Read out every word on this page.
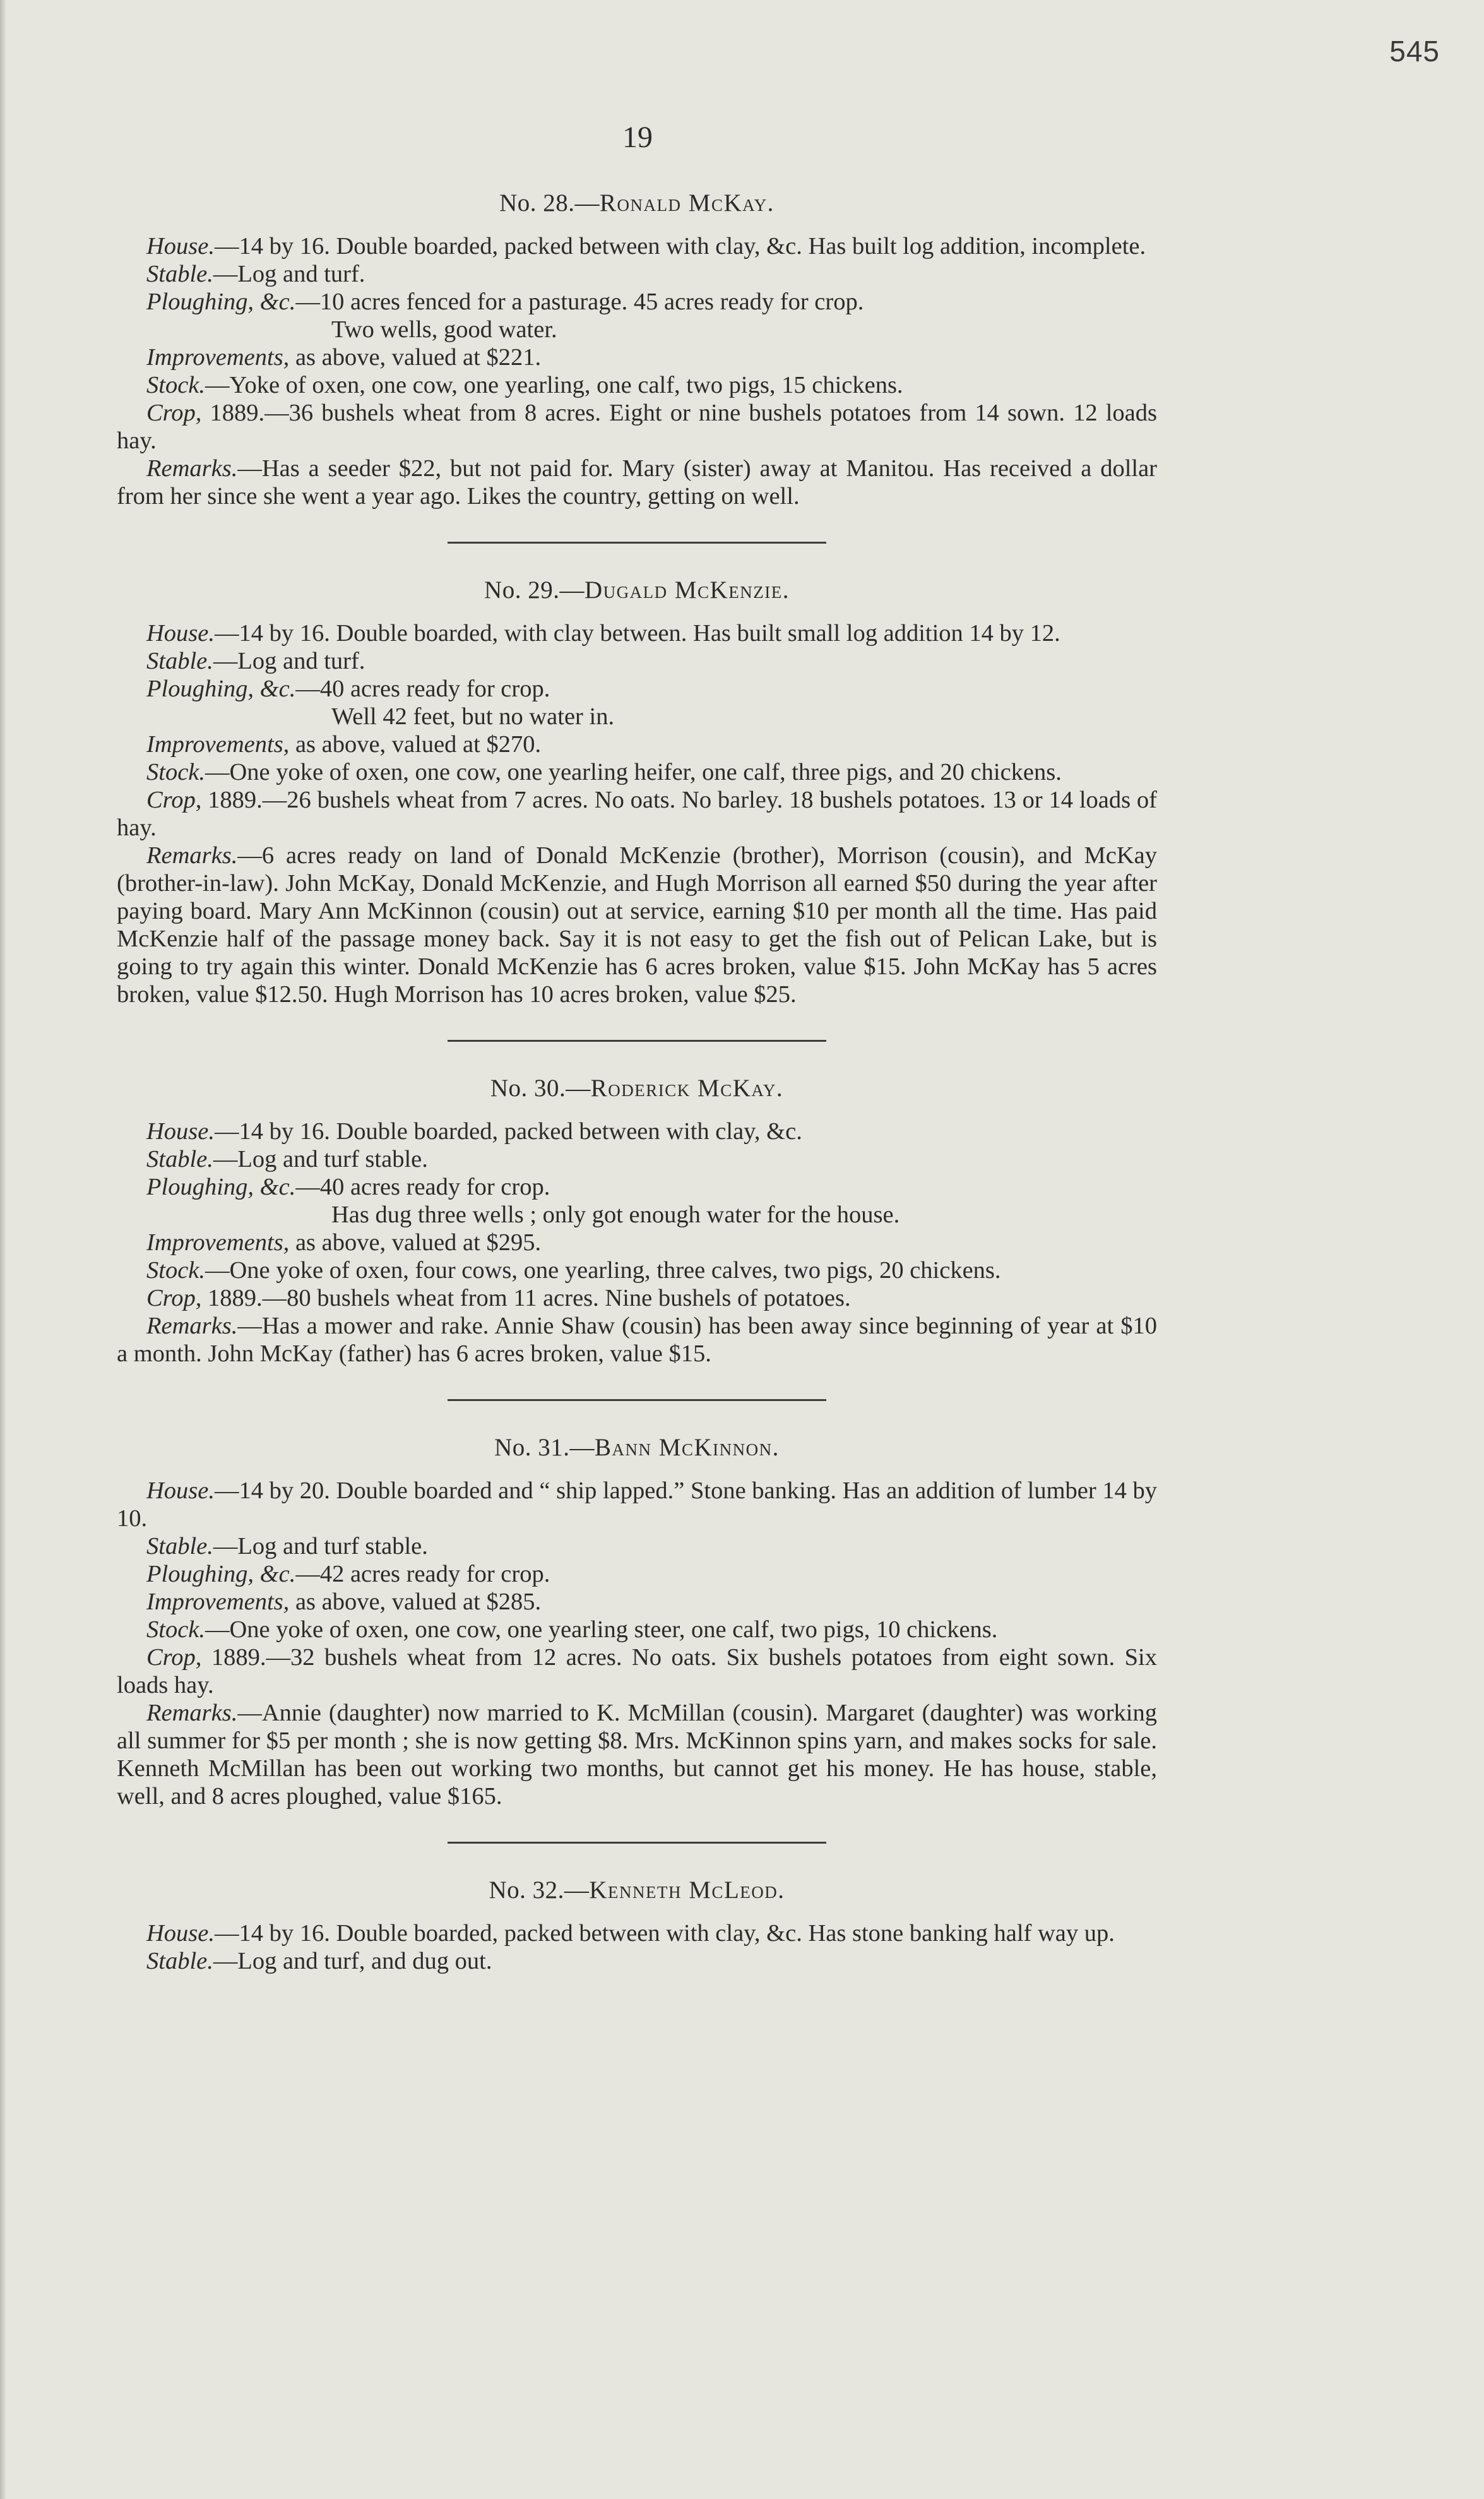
545
19
No. 28.—Ronald McKay.

House.—14 by 16. Double boarded, packed between with clay, &c. Has built log addition, incomplete.

Stable.—Log and turf.

Ploughing, &c.—10 acres fenced for a pasturage. 45 acres ready for crop.

Two wells, good water.

Improvements, as above, valued at $221.

Stock.—Yoke of oxen, one cow, one yearling, one calf, two pigs, 15 chickens.

Crop, 1889.—36 bushels wheat from 8 acres. Eight or nine bushels potatoes from 14 sown. 12 loads hay.

Remarks.—Has a seeder $22, but not paid for. Mary (sister) away at Manitou. Has received a dollar from her since she went a year ago. Likes the country, getting on well.

No. 29.—Dugald McKenzie.

House.—14 by 16. Double boarded, with clay between. Has built small log addition 14 by 12.

Stable.—Log and turf.

Ploughing, &c.—40 acres ready for crop.

Well 42 feet, but no water in.

Improvements, as above, valued at $270.

Stock.—One yoke of oxen, one cow, one yearling heifer, one calf, three pigs, and 20 chickens.

Crop, 1889.—26 bushels wheat from 7 acres. No oats. No barley. 18 bushels potatoes. 13 or 14 loads of hay.

Remarks.—6 acres ready on land of Donald McKenzie (brother), Morrison (cousin), and McKay (brother-in-law). John McKay, Donald McKenzie, and Hugh Morrison all earned $50 during the year after paying board. Mary Ann McKinnon (cousin) out at service, earning $10 per month all the time. Has paid McKenzie half of the passage money back. Say it is not easy to get the fish out of Pelican Lake, but is going to try again this winter. Donald McKenzie has 6 acres broken, value $15. John McKay has 5 acres broken, value $12.50. Hugh Morrison has 10 acres broken, value $25.

No. 30.—Roderick McKay.

House.—14 by 16. Double boarded, packed between with clay, &c.

Stable.—Log and turf stable.

Ploughing, &c.—40 acres ready for crop.

Has dug three wells ; only got enough water for the house.

Improvements, as above, valued at $295.

Stock.—One yoke of oxen, four cows, one yearling, three calves, two pigs, 20 chickens.

Crop, 1889.—80 bushels wheat from 11 acres. Nine bushels of potatoes.

Remarks.—Has a mower and rake. Annie Shaw (cousin) has been away since beginning of year at $10 a month. John McKay (father) has 6 acres broken, value $15.

No. 31.—Bann McKinnon.

House.—14 by 20. Double boarded and “ ship lapped.” Stone banking. Has an addition of lumber 14 by 10.

Stable.—Log and turf stable.

Ploughing, &c.—42 acres ready for crop.

Improvements, as above, valued at $285.

Stock.—One yoke of oxen, one cow, one yearling steer, one calf, two pigs, 10 chickens.

Crop, 1889.—32 bushels wheat from 12 acres. No oats. Six bushels potatoes from eight sown. Six loads hay.

Remarks.—Annie (daughter) now married to K. McMillan (cousin). Margaret (daughter) was working all summer for $5 per month ; she is now getting $8. Mrs. McKinnon spins yarn, and makes socks for sale. Kenneth McMillan has been out working two months, but cannot get his money. He has house, stable, well, and 8 acres ploughed, value $165.

No. 32.—Kenneth McLeod.

House.—14 by 16. Double boarded, packed between with clay, &c. Has stone banking half way up.

Stable.—Log and turf, and dug out.
